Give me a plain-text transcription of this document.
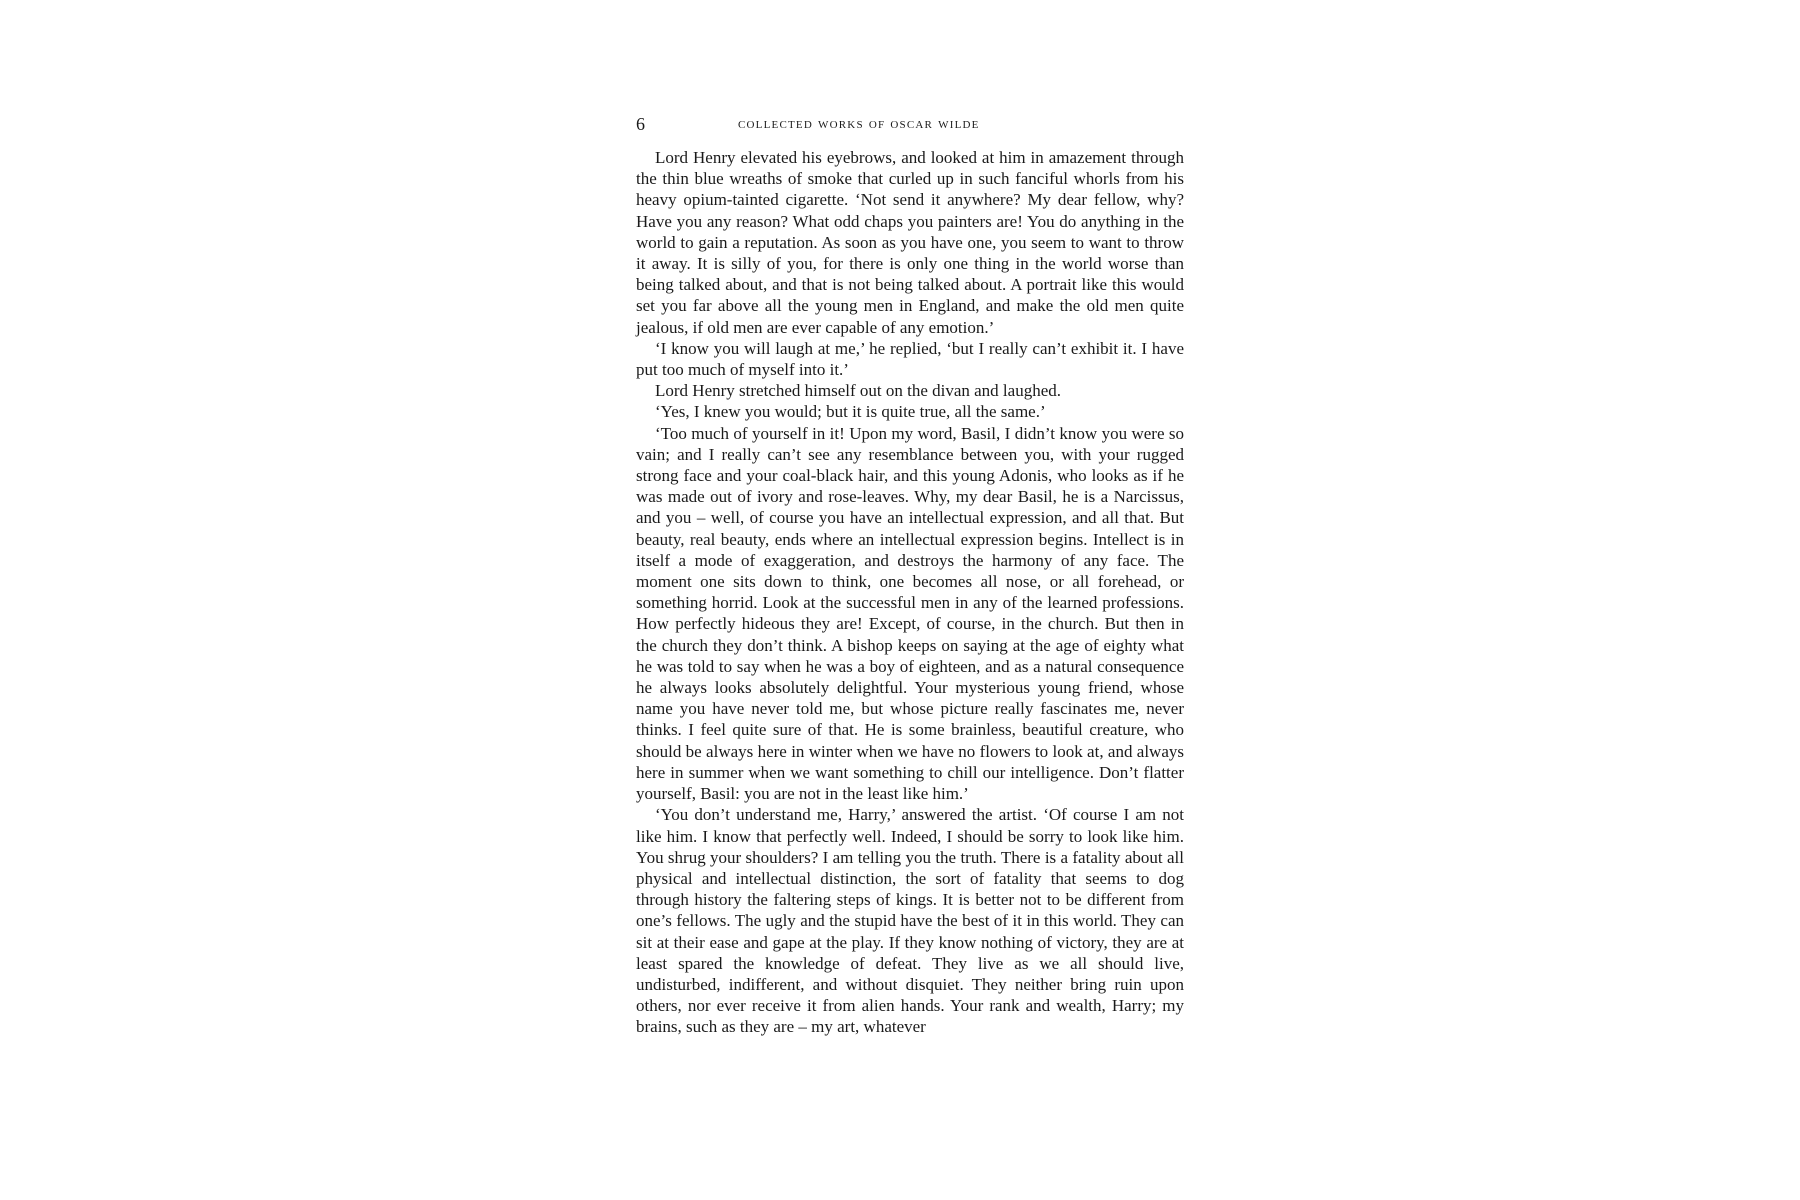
6	collected works of oscar wilde

Lord Henry elevated his eyebrows, and looked at him in amazement through the thin blue wreaths of smoke that curled up in such fanciful whorls from his heavy opium-tainted cigarette. ‘Not send it anywhere? My dear fellow, why? Have you any reason? What odd chaps you painters are! You do anything in the world to gain a reputation. As soon as you have one, you seem to want to throw it away. It is silly of you, for there is only one thing in the world worse than being talked about, and that is not being talked about. A portrait like this would set you far above all the young men in England, and make the old men quite jealous, if old men are ever capable of any emotion.’

‘I know you will laugh at me,’ he replied, ‘but I really can’t exhibit it. I have put too much of myself into it.’

Lord Henry stretched himself out on the divan and laughed.

‘Yes, I knew you would; but it is quite true, all the same.’

‘Too much of yourself in it! Upon my word, Basil, I didn’t know you were so vain; and I really can’t see any resemblance between you, with your rugged strong face and your coal-black hair, and this young Adonis, who looks as if he was made out of ivory and rose-leaves. Why, my dear Basil, he is a Narcissus, and you – well, of course you have an intellectual expression, and all that. But beauty, real beauty, ends where an intellectual expression begins. Intellect is in itself a mode of exaggeration, and destroys the harmony of any face. The moment one sits down to think, one becomes all nose, or all forehead, or something horrid. Look at the successful men in any of the learned professions. How perfectly hideous they are! Except, of course, in the church. But then in the church they don’t think. A bishop keeps on saying at the age of eighty what he was told to say when he was a boy of eighteen, and as a natural consequence he always looks absolutely delightful. Your mysterious young friend, whose name you have never told me, but whose picture really fascinates me, never thinks. I feel quite sure of that. He is some brainless, beautiful creature, who should be always here in winter when we have no flowers to look at, and always here in summer when we want something to chill our intelligence. Don’t flatter yourself, Basil: you are not in the least like him.’

‘You don’t understand me, Harry,’ answered the artist. ‘Of course I am not like him. I know that perfectly well. Indeed, I should be sorry to look like him. You shrug your shoulders? I am telling you the truth. There is a fatality about all physical and intellectual distinction, the sort of fatality that seems to dog through history the faltering steps of kings. It is better not to be different from one’s fellows. The ugly and the stupid have the best of it in this world. They can sit at their ease and gape at the play. If they know nothing of victory, they are at least spared the knowledge of defeat. They live as we all should live, undisturbed, indifferent, and without disquiet. They neither bring ruin upon others, nor ever receive it from alien hands. Your rank and wealth, Harry; my brains, such as they are – my art, whatever
